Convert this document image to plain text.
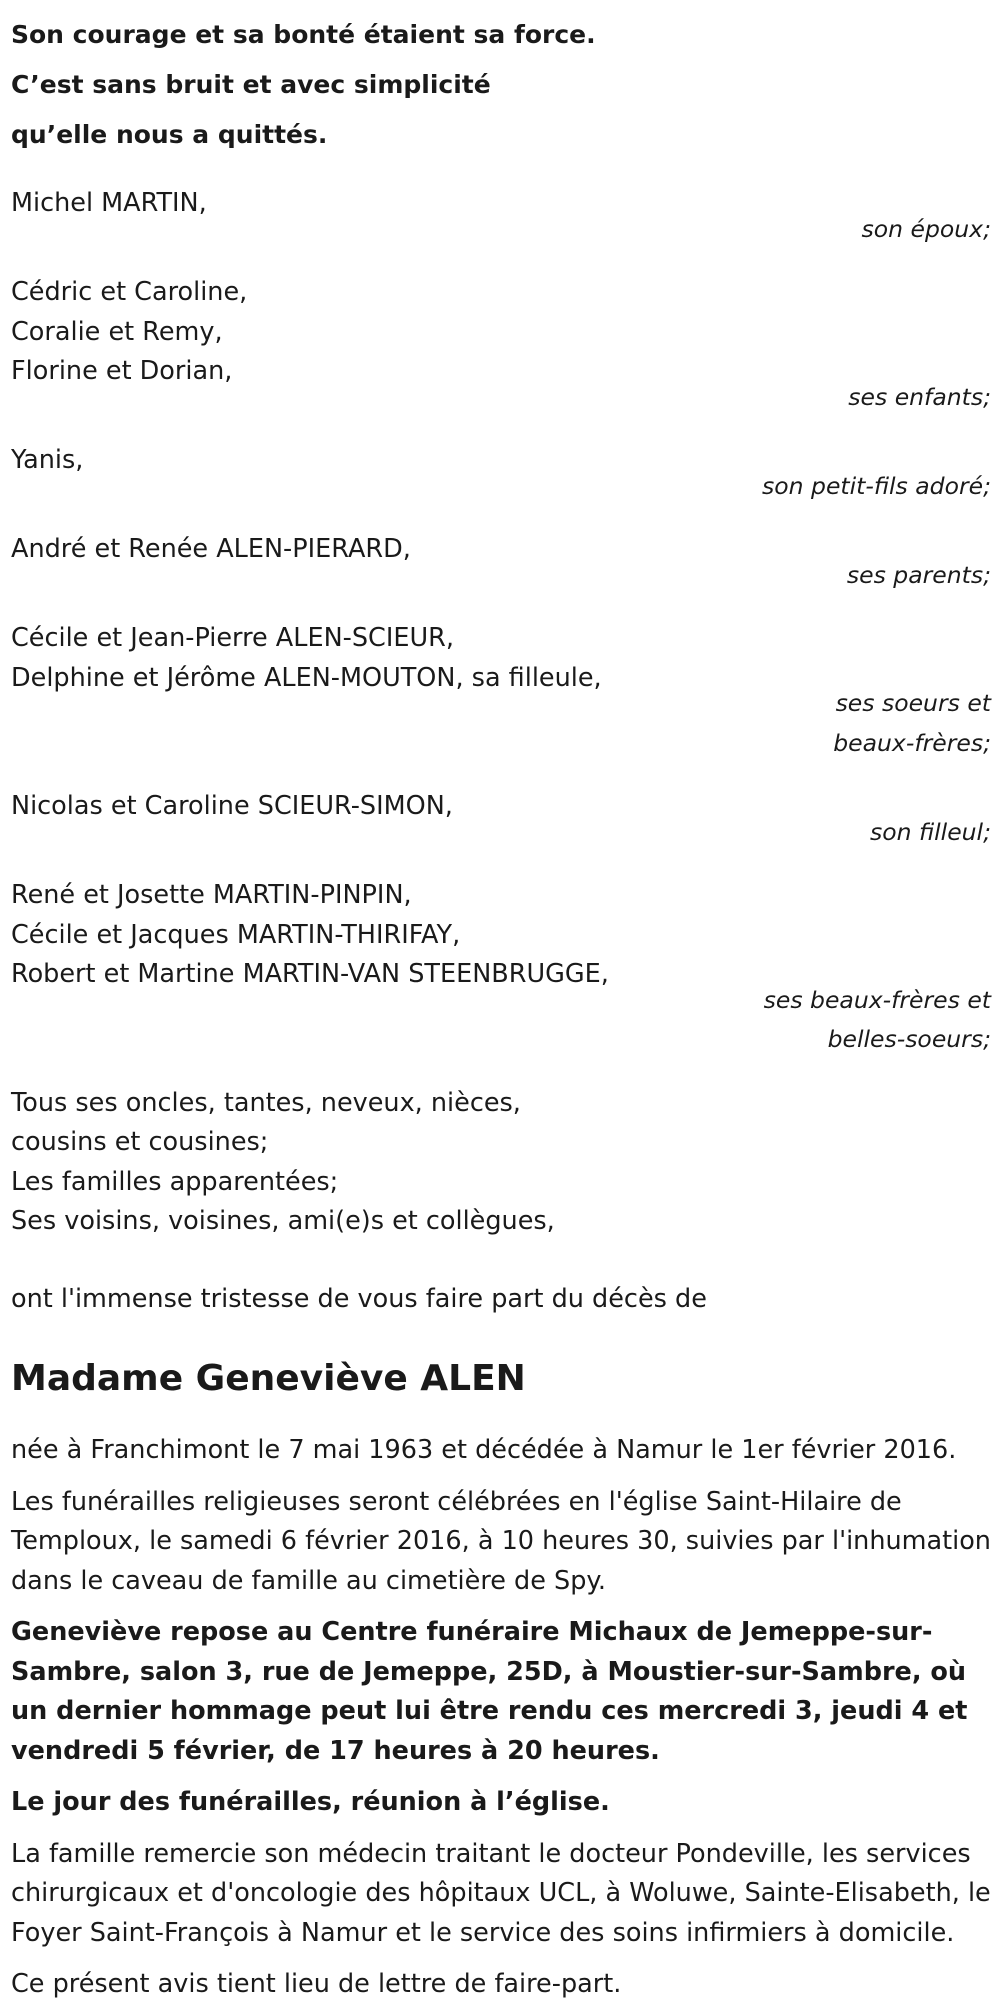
Son courage et sa bonté étaient sa force.
C’est sans bruit et avec simplicité
qu’elle nous a quittés.
Michel MARTIN,
son époux;
Cédric et Caroline,
Coralie et Remy,
Florine et Dorian,
ses enfants;
Yanis,
son petit-fils adoré;
André et Renée ALEN-PIERARD,
ses parents;
Cécile et Jean-Pierre ALEN-SCIEUR,
Delphine et Jérôme ALEN-MOUTON, sa filleule,
ses soeurs et
beaux-frères;
Nicolas et Caroline SCIEUR-SIMON,
son filleul;
René et Josette MARTIN-PINPIN,
Cécile et Jacques MARTIN-THIRIFAY,
Robert et Martine MARTIN-VAN STEENBRUGGE,
ses beaux-frères et
belles-soeurs;
Tous ses oncles, tantes, neveux, nièces,
cousins et cousines;
Les familles apparentées;
Ses voisins, voisines, ami(e)s et collègues,
ont l'immense tristesse de vous faire part du décès de
Madame Geneviève ALEN
née à Franchimont le 7 mai 1963 et décédée à Namur le 1er février 2016.
Les funérailles religieuses seront célébrées en l'église Saint-Hilaire de Temploux, le samedi 6 février 2016, à 10 heures 30, suivies par l'inhumation dans le caveau de famille au cimetière de Spy.
Geneviève repose au Centre funéraire Michaux de Jemeppe-sur-Sambre, salon 3, rue de Jemeppe, 25D, à Moustier-sur-Sambre, où un dernier hommage peut lui être rendu ces mercredi 3, jeudi 4 et vendredi 5 février, de 17 heures à 20 heures.
Le jour des funérailles, réunion à l’église.
La famille remercie son médecin traitant le docteur Pondeville, les services chirurgicaux et d'oncologie des hôpitaux UCL, à Woluwe, Sainte-Elisabeth, le Foyer Saint-François à Namur et le service des soins infirmiers à domicile.
Ce présent avis tient lieu de lettre de faire-part.
